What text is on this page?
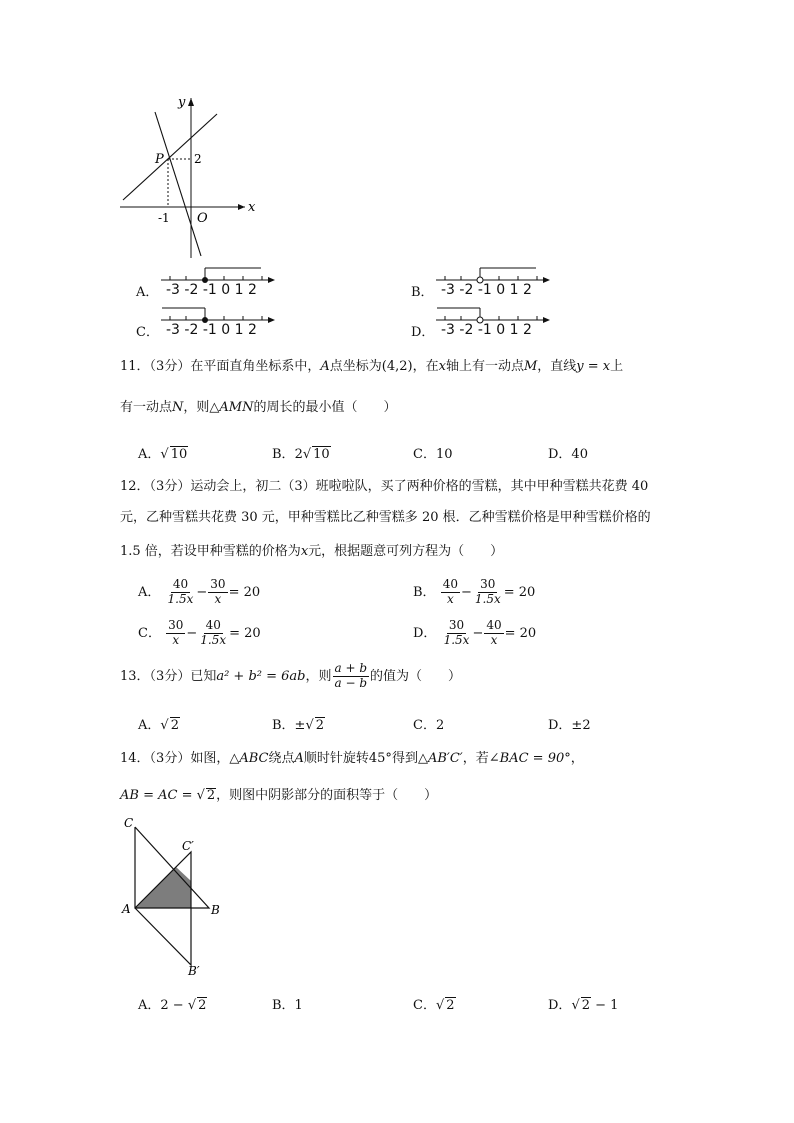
y
x
P	2
-1 O
A． -3 -2 -1 0 1 2	B． -3 -2 -1 0 1 2
C． -3 -2 -1 0 1 2	D． -3 -2 -1 0 1 2
11．（3分）在平面直角坐标系中，A点坐标为(4,2)，在x轴上有一动点M，直线y = x上
有一动点N，则△AMN的周长的最小值（　　）
A．√ 10	B．2√ 10	C．10	D．40
12．（3分）运动会上，初二（3）班啦啦队，买了两种价格的雪糕，其中甲种雪糕共花费 40
元，乙种雪糕共花费 30 元，甲种雪糕比乙种雪糕多 20 根．乙种雪糕价格是甲种雪糕价格的
1.5 倍，若设甲种雪糕的价格为x元，根据题意可列方程为（　　）
A． $\frac{40}{1.5x} - \frac{30}{x} = 20$	B． $\frac{40}{x} - \frac{30}{1.5x} = 20$
C． $\frac{30}{x} - \frac{40}{1.5x} = 20$	D． $\frac{30}{1.5x} - \frac{40}{x} = 20$
13．（3分）已知a² + b² = 6ab，则 $\frac{a + b}{a - b}$ 的值为（　　）
A．√ 2	B．±√ 2	C．2	D．±2
14．（3分）如图，△ABC绕点A顺时针旋转45°得到△AB′C′，若∠BAC = 90°，
AB = AC = √ 2，则图中阴影部分的面积等于（　　）
C
C′
A	B
B′
A．2 − √ 2	B．1	C．√ 2	D．√ 2 − 1
